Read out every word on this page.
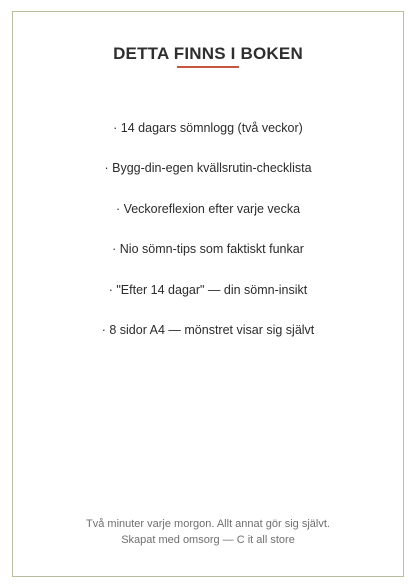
DETTA FINNS I BOKEN
· 14 dagars sömnlogg (två veckor)
· Bygg-din-egen kvällsrutin-checklista
· Veckoreflexion efter varje vecka
· Nio sömn-tips som faktiskt funkar
· "Efter 14 dagar" — din sömn-insikt
· 8 sidor A4 — mönstret visar sig självt
Två minuter varje morgon. Allt annat gör sig självt.
Skapat med omsorg — C it all store
